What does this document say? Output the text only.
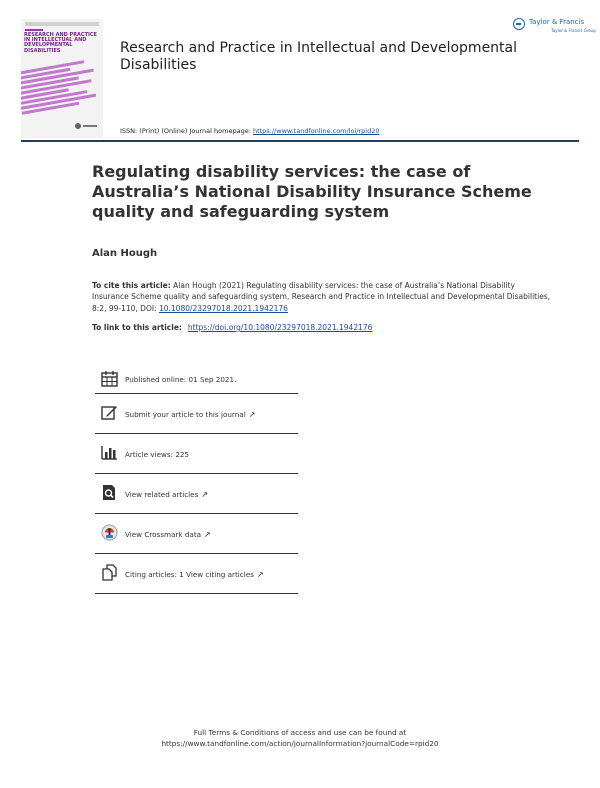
RESEARCH AND PRACTICE IN INTELLECTUAL AND DEVELOPMENTAL DISABILITIES	Research and Practice in Intellectual and Developmental Disabilities
Taylor & Francis
Taylor & Francis Group
ISSN: (Print) (Online) Journal homepage: https://www.tandfonline.com/loi/rpid20
Regulating disability services: the case of Australia’s National Disability Insurance Scheme quality and safeguarding system
Alan Hough
To cite this article: Alan Hough (2021) Regulating disability services: the case of Australia’s National Disability Insurance Scheme quality and safeguarding system, Research and Practice in Intellectual and Developmental Disabilities, 8:2, 99-110, DOI: 10.1080/23297018.2021.1942176
To link to this article: https://doi.org/10.1080/23297018.2021.1942176
Published online: 01 Sep 2021.
Submit your article to this journal ↗
Article views: 225
View related articles ↗
View Crossmark data ↗
Citing articles: 1 View citing articles ↗
Full Terms & Conditions of access and use can be found at
https://www.tandfonline.com/action/journalInformation?journalCode=rpid20
